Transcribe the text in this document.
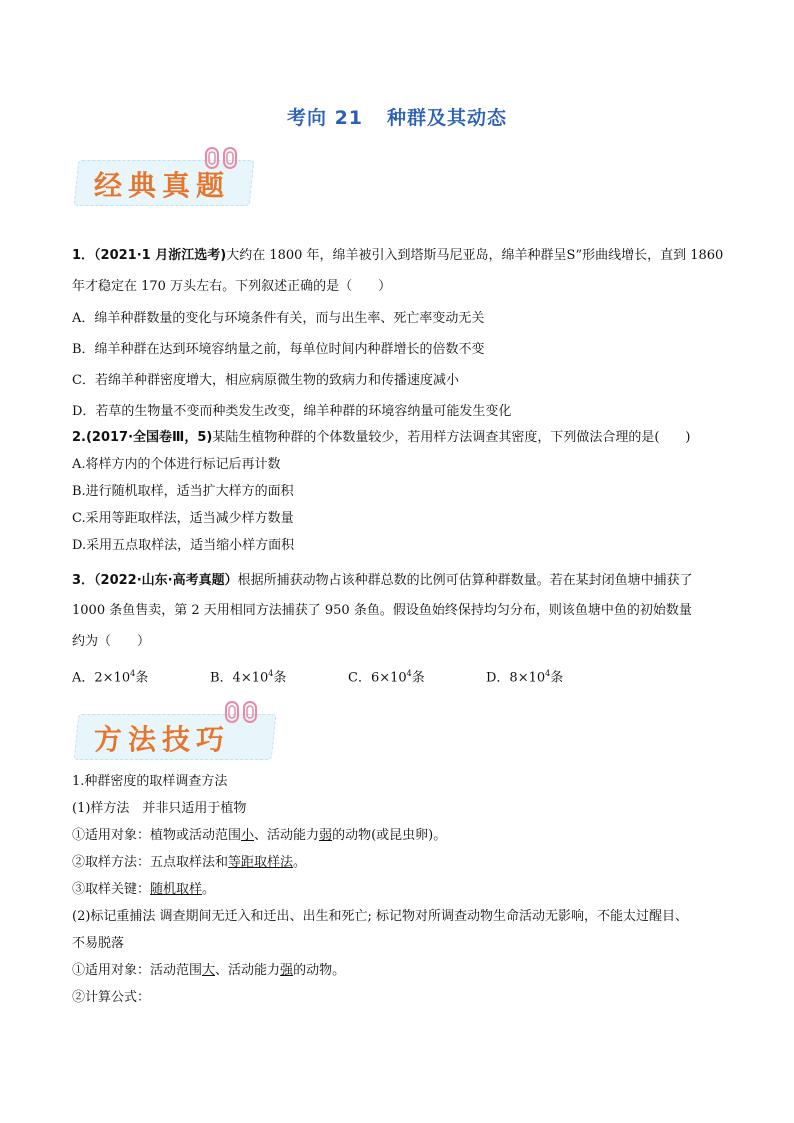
考向 21 种群及其动态
经典真题
1．（2021·1 月浙江选考)大约在 1800 年，绵羊被引入到塔斯马尼亚岛，绵羊种群呈S”形曲线增长，直到 1860
年才稳定在 170 万头左右。下列叙述正确的是（　　）
A．绵羊种群数量的变化与环境条件有关，而与出生率、死亡率变动无关
B．绵羊种群在达到环境容纳量之前，每单位时间内种群增长的倍数不变
C．若绵羊种群密度增大，相应病原微生物的致病力和传播速度减小
D．若草的生物量不变而种类发生改变，绵羊种群的环境容纳量可能发生变化
2.(2017·全国卷Ⅲ，5)某陆生植物种群的个体数量较少，若用样方法调查其密度，下列做法合理的是(　　)
A.将样方内的个体进行标记后再计数
B.进行随机取样，适当扩大样方的面积
C.采用等距取样法，适当减少样方数量
D.采用五点取样法，适当缩小样方面积
3．（2022·山东·高考真题）根据所捕获动物占该种群总数的比例可估算种群数量。若在某封闭鱼塘中捕获了
1000 条鱼售卖，第 2 天用相同方法捕获了 950 条鱼。假设鱼始终保持均匀分布，则该鱼塘中鱼的初始数量
约为（　　）
A．$2\times 10^4$条	B．$4\times 10^4$条	C．$6\times 10^4$条	D．$8\times 10^4$条
方法技巧
1.种群密度的取样调查方法
(1)样方法　并非只适用于植物
①适用对象：植物或活动范围小、活动能力弱的动物(或昆虫卵)。
②取样方法：五点取样法和等距取样法。
③取样关键：随机取样。
(2)标记重捕法 调查期间无迁入和迁出、出生和死亡; 标记物对所调查动物生命活动无影响，不能太过醒目、
不易脱落
①适用对象：活动范围大、活动能力强的动物。
②计算公式：
